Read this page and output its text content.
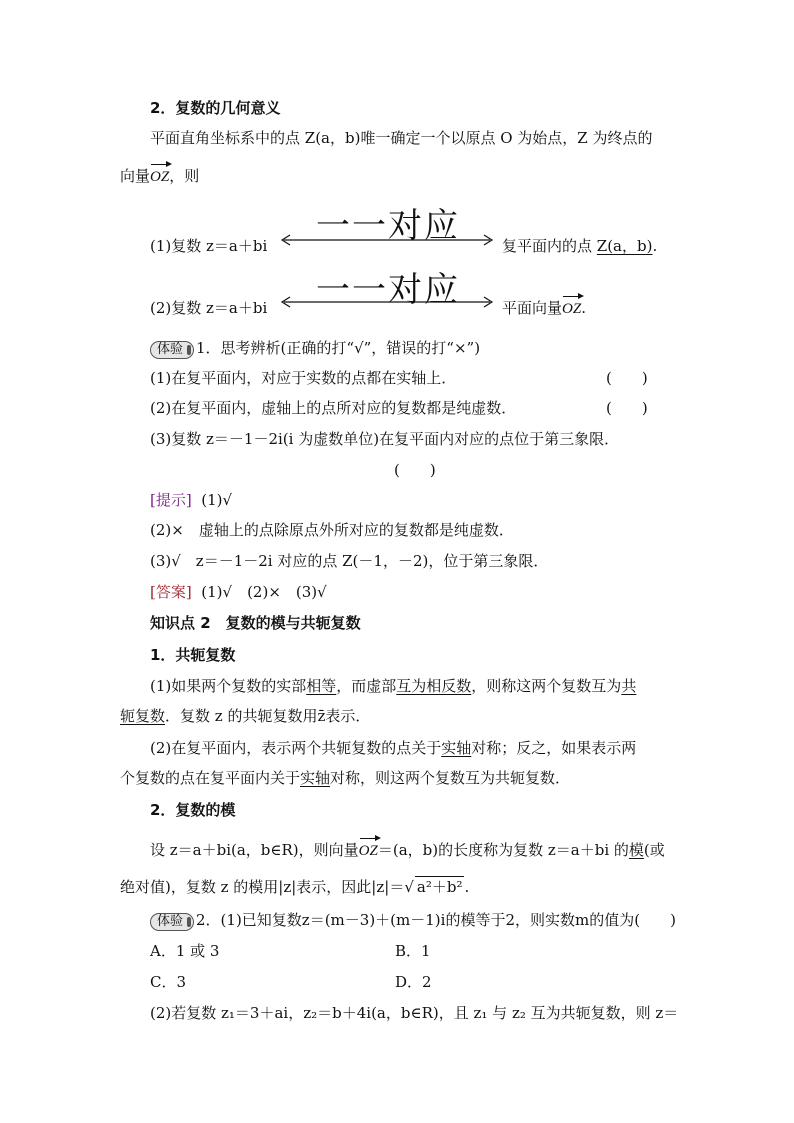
2．复数的几何意义
平面直角坐标系中的点 Z(a，b)唯一确定一个以原点 O 为始点，Z 为终点的
向量OZ，则
(1)复数 z＝a＋bi 一一对应	复平面内的点 Z(a，b).
(2)复数 z＝a＋bi 一一对应	平面向量OZ.
体验 1．思考辨析(正确的打“√”，错误的打“×”)
(1)在复平面内，对应于实数的点都在实轴上．	(　　)
(2)在复平面内，虚轴上的点所对应的复数都是纯虚数．	(　　)
(3)复数 z＝－1－2i(i 为虚数单位)在复平面内对应的点位于第三象限．
(　　)
[提示] (1)√
(2)×　虚轴上的点除原点外所对应的复数都是纯虚数．
(3)√　z＝－1－2i 对应的点 Z(－1，－2)，位于第三象限．
[答案] (1)√　(2)×　(3)√
知识点 2　复数的模与共轭复数
1．共轭复数
(1)如果两个复数的实部相等，而虚部互为相反数，则称这两个复数互为共
轭复数．复数 z 的共轭复数用z̄表示．
(2)在复平面内，表示两个共轭复数的点关于实轴对称；反之，如果表示两
个复数的点在复平面内关于实轴对称，则这两个复数互为共轭复数．
2．复数的模
设 z＝a＋bi(a，b∈R)，则向量OZ＝(a，b)的长度称为复数 z＝a＋bi 的模(或
绝对值)，复数 z 的模用|z|表示，因此|z|＝√ a²＋b² .
体验 2．(1)已知复数z＝(m－3)＋(m－1)i的模等于2，则实数m的值为(　　)
A．1 或 3	B．1
C．3	D．2
(2)若复数 z₁＝3＋ai，z₂＝b＋4i(a，b∈R)，且 z₁ 与 z₂ 互为共轭复数，则 z＝
